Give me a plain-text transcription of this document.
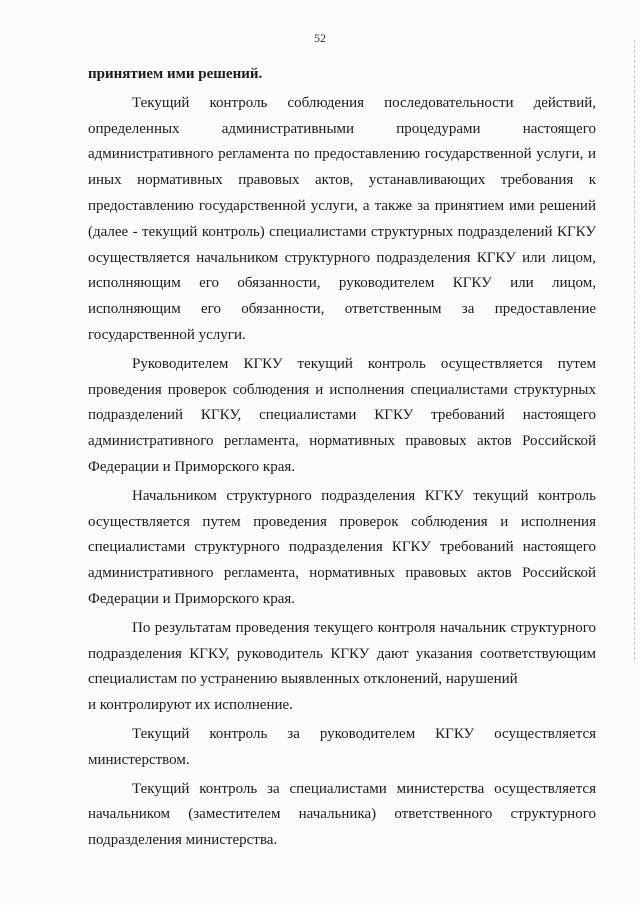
52

принятием ими решений.

Текущий контроль соблюдения последовательности действий, определенных административными процедурами настоящего административного регламента по предоставлению государственной услуги, и иных нормативных правовых актов, устанавливающих требования к предоставлению государственной услуги, а также за принятием ими решений (далее - текущий контроль) специалистами структурных подразделений КГКУ осуществляется начальником структурного подразделения КГКУ или лицом, исполняющим его обязанности, руководителем КГКУ или лицом, исполняющим его обязанности, ответственным за предоставление государственной услуги.

Руководителем КГКУ текущий контроль осуществляется путем проведения проверок соблюдения и исполнения специалистами структурных подразделений КГКУ, специалистами КГКУ требований настоящего административного регламента, нормативных правовых актов Российской Федерации и Приморского края.

Начальником структурного подразделения КГКУ текущий контроль осуществляется путем проведения проверок соблюдения и исполнения специалистами структурного подразделения КГКУ требований настоящего административного регламента, нормативных правовых актов Российской Федерации и Приморского края.

По результатам проведения текущего контроля начальник структурного подразделения КГКУ, руководитель КГКУ дают указания соответствующим специалистам по устранению выявленных отклонений, нарушений

и контролируют их исполнение.

Текущий контроль за руководителем КГКУ осуществляется министерством.

Текущий контроль за специалистами министерства осуществляется начальником (заместителем начальника) ответственного структурного подразделения министерства.
